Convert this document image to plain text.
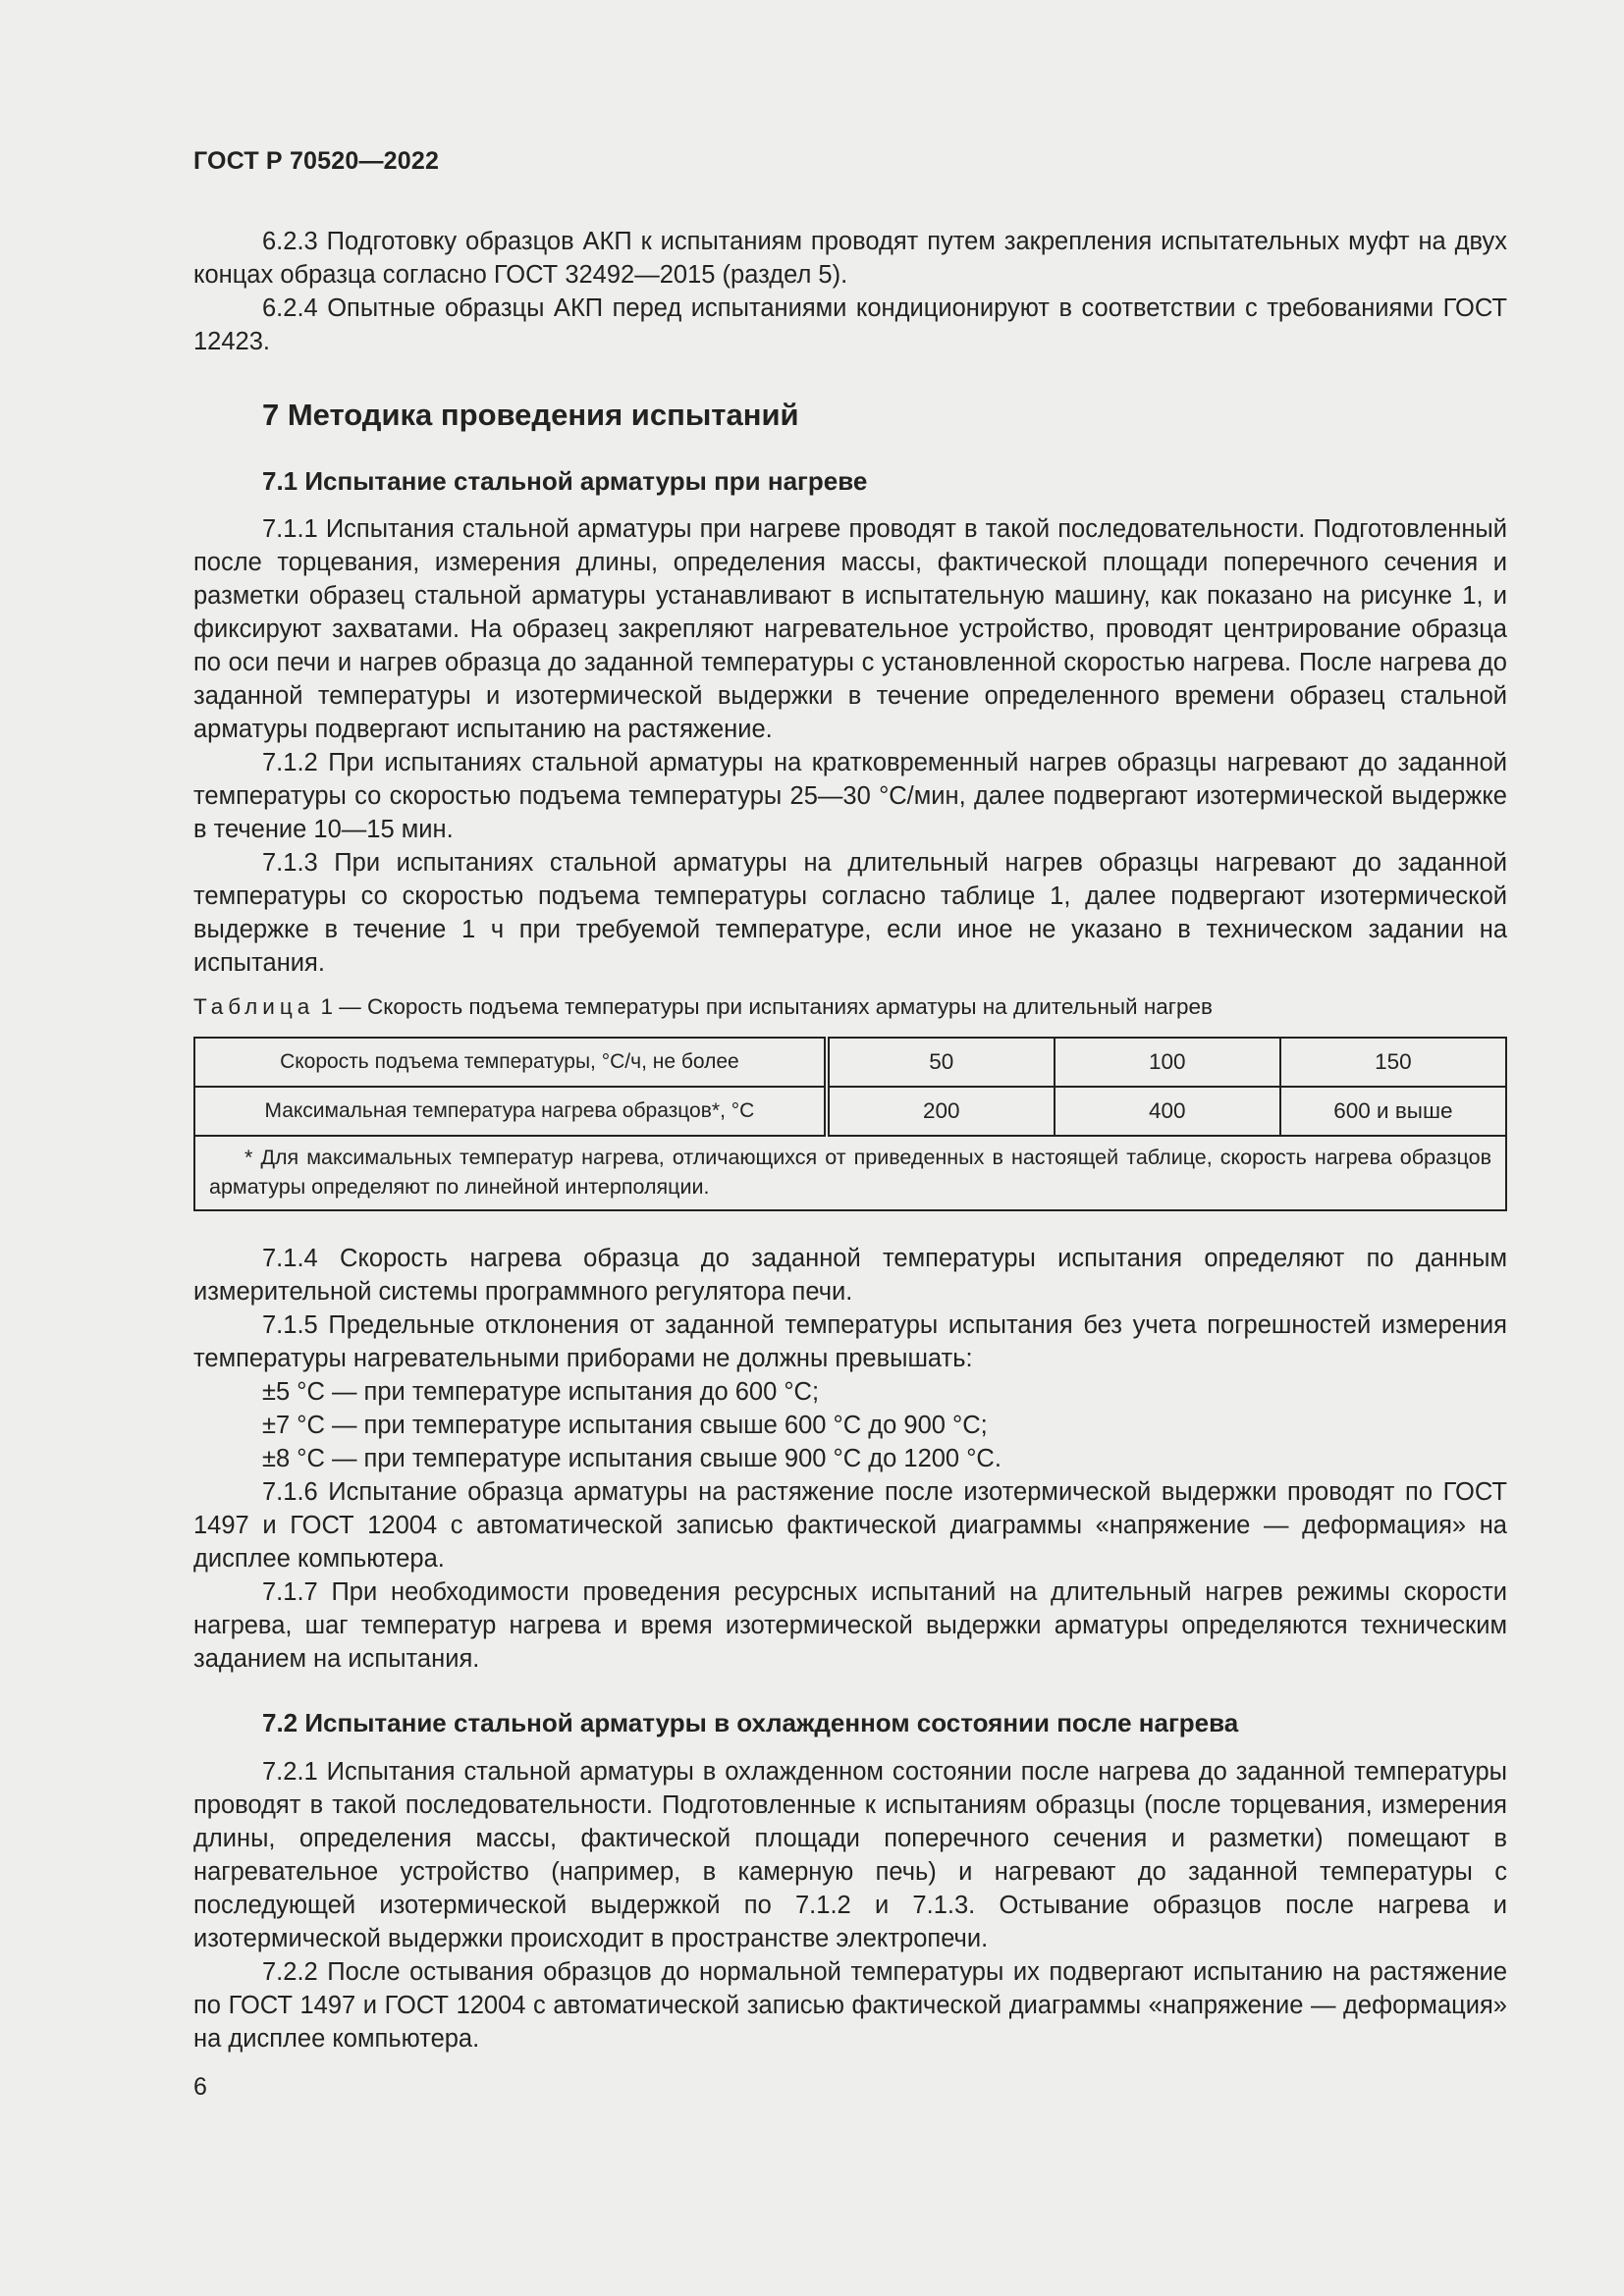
ГОСТ Р 70520—2022

6.2.3 Подготовку образцов АКП к испытаниям проводят путем закрепления испытательных муфт на двух концах образца согласно ГОСТ 32492—2015 (раздел 5).

6.2.4 Опытные образцы АКП перед испытаниями кондиционируют в соответствии с требованиями ГОСТ 12423.

7 Методика проведения испытаний
7.1 Испытание стальной арматуры при нагреве

7.1.1 Испытания стальной арматуры при нагреве проводят в такой последовательности. Подготовленный после торцевания, измерения длины, определения массы, фактической площади поперечного сечения и разметки образец стальной арматуры устанавливают в испытательную машину, как показано на рисунке 1, и фиксируют захватами. На образец закрепляют нагревательное устройство, проводят центрирование образца по оси печи и нагрев образца до заданной температуры с установленной скоростью нагрева. После нагрева до заданной температуры и изотермической выдержки в течение определенного времени образец стальной арматуры подвергают испытанию на растяжение.

7.1.2 При испытаниях стальной арматуры на кратковременный нагрев образцы нагревают до заданной температуры со скоростью подъема температуры 25—30 °С/мин, далее подвергают изотермической выдержке в течение 10—15 мин.

7.1.3 При испытаниях стальной арматуры на длительный нагрев образцы нагревают до заданной температуры со скоростью подъема температуры согласно таблице 1, далее подвергают изотермической выдержке в течение 1 ч при требуемой температуре, если иное не указано в техническом задании на испытания.

Таблица 1 — Скорость подъема температуры при испытаниях арматуры на длительный нагрев
Скорость подъема температуры, °С/ч, не более	50	100	150
Максимальная температура нагрева образцов*, °С	200	400	600 и выше
* Для максимальных температур нагрева, отличающихся от приведенных в настоящей таблице, скорость нагрева образцов арматуры определяют по линейной интерполяции.			

7.1.4 Скорость нагрева образца до заданной температуры испытания определяют по данным измерительной системы программного регулятора печи.

7.1.5 Предельные отклонения от заданной температуры испытания без учета погрешностей измерения температуры нагревательными приборами не должны превышать:

±5 °С — при температуре испытания до 600 °С;

±7 °С — при температуре испытания свыше 600 °С до 900 °С;

±8 °С — при температуре испытания свыше 900 °С до 1200 °С.

7.1.6 Испытание образца арматуры на растяжение после изотермической выдержки проводят по ГОСТ 1497 и ГОСТ 12004 с автоматической записью фактической диаграммы «напряжение — деформация» на дисплее компьютера.

7.1.7 При необходимости проведения ресурсных испытаний на длительный нагрев режимы скорости нагрева, шаг температур нагрева и время изотермической выдержки арматуры определяются техническим заданием на испытания.

7.2 Испытание стальной арматуры в охлажденном состоянии после нагрева

7.2.1 Испытания стальной арматуры в охлажденном состоянии после нагрева до заданной температуры проводят в такой последовательности. Подготовленные к испытаниям образцы (после торцевания, измерения длины, определения массы, фактической площади поперечного сечения и разметки) помещают в нагревательное устройство (например, в камерную печь) и нагревают до заданной температуры с последующей изотермической выдержкой по 7.1.2 и 7.1.3. Остывание образцов после нагрева и изотермической выдержки происходит в пространстве электропечи.

7.2.2 После остывания образцов до нормальной температуры их подвергают испытанию на растяжение по ГОСТ 1497 и ГОСТ 12004 с автоматической записью фактической диаграммы «напряжение — деформация» на дисплее компьютера.

6
